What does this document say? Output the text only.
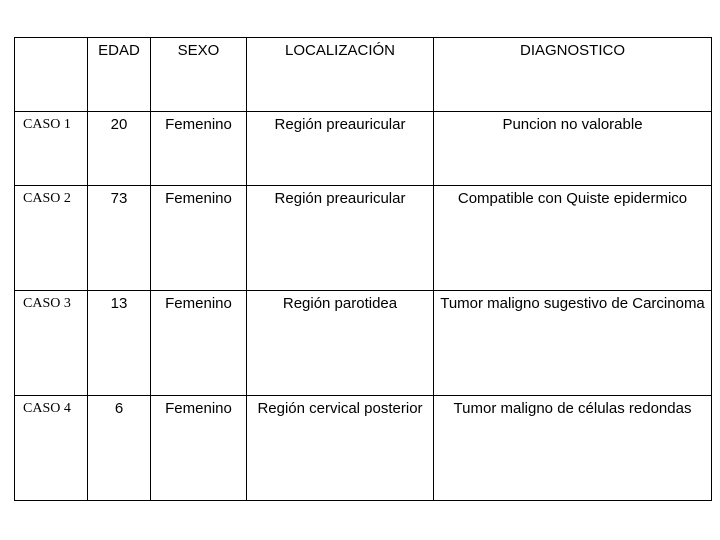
	EDAD	SEXO	LOCALIZACIÓN	DIAGNOSTICO
CASO 1	20	Femenino	Región preauricular	Puncion no valorable
CASO 2	73	Femenino	Región preauricular	Compatible con Quiste epidermico
CASO 3	13	Femenino	Región parotidea	Tumor maligno sugestivo de Carcinoma
CASO 4	6	Femenino	Región cervical posterior	Tumor maligno de células redondas
